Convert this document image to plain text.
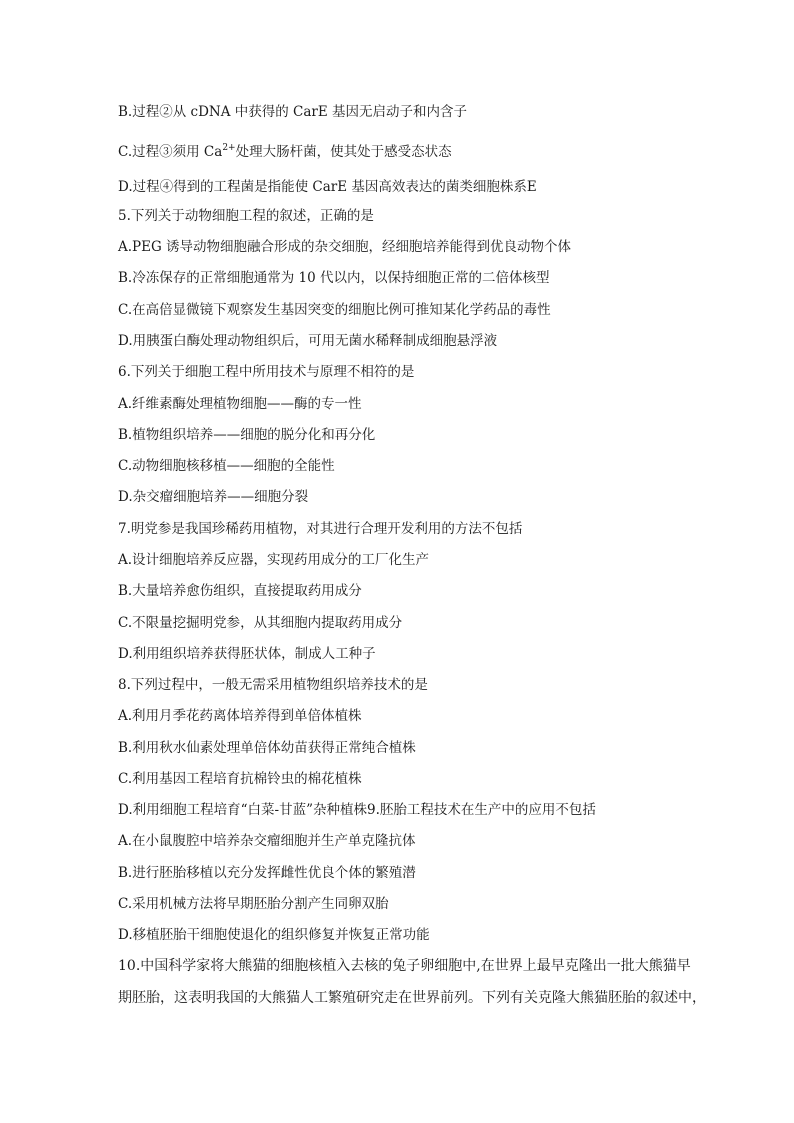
B.过程②从 cDNA 中获得的 CarE 基因无启动子和内含子
C.过程③须用 $Ca^{2+}$处理大肠杆菌，使其处于感受态状态
D.过程④得到的工程菌是指能使 CarE 基因高效表达的菌类细胞株系E
5.下列关于动物细胞工程的叙述，正确的是
A.PEG 诱导动物细胞融合形成的杂交细胞，经细胞培养能得到优良动物个体
B.冷冻保存的正常细胞通常为 10 代以内，以保持细胞正常的二倍体核型
C.在高倍显微镜下观察发生基因突变的细胞比例可推知某化学药品的毒性
D.用胰蛋白酶处理动物组织后，可用无菌水稀释制成细胞悬浮液
6.下列关于细胞工程中所用技术与原理不相符的是
A.纤维素酶处理植物细胞——酶的专一性
B.植物组织培养——细胞的脱分化和再分化
C.动物细胞核移植——细胞的全能性
D.杂交瘤细胞培养——细胞分裂
7.明党参是我国珍稀药用植物，对其进行合理开发利用的方法不包括
A.设计细胞培养反应器，实现药用成分的工厂化生产
B.大量培养愈伤组织，直接提取药用成分
C.不限量挖掘明党参，从其细胞内提取药用成分
D.利用组织培养获得胚状体，制成人工种子
8.下列过程中，一般无需采用植物组织培养技术的是
A.利用月季花药离体培养得到单倍体植株
B.利用秋水仙素处理单倍体幼苗获得正常纯合植株
C.利用基因工程培育抗棉铃虫的棉花植株
D.利用细胞工程培育“白菜-甘蓝”杂种植株9.胚胎工程技术在生产中的应用不包括
A.在小鼠腹腔中培养杂交瘤细胞并生产单克隆抗体
B.进行胚胎移植以充分发挥雌性优良个体的繁殖潜
C.采用机械方法将早期胚胎分割产生同卵双胎
D.移植胚胎干细胞使退化的组织修复并恢复正常功能
10.中国科学家将大熊猫的细胞核植入去核的兔子卵细胞中,在世界上最早克隆出一批大熊猫早
期胚胎，这表明我国的大熊猫人工繁殖研究走在世界前列。下列有关克隆大熊猫胚胎的叙述中，
